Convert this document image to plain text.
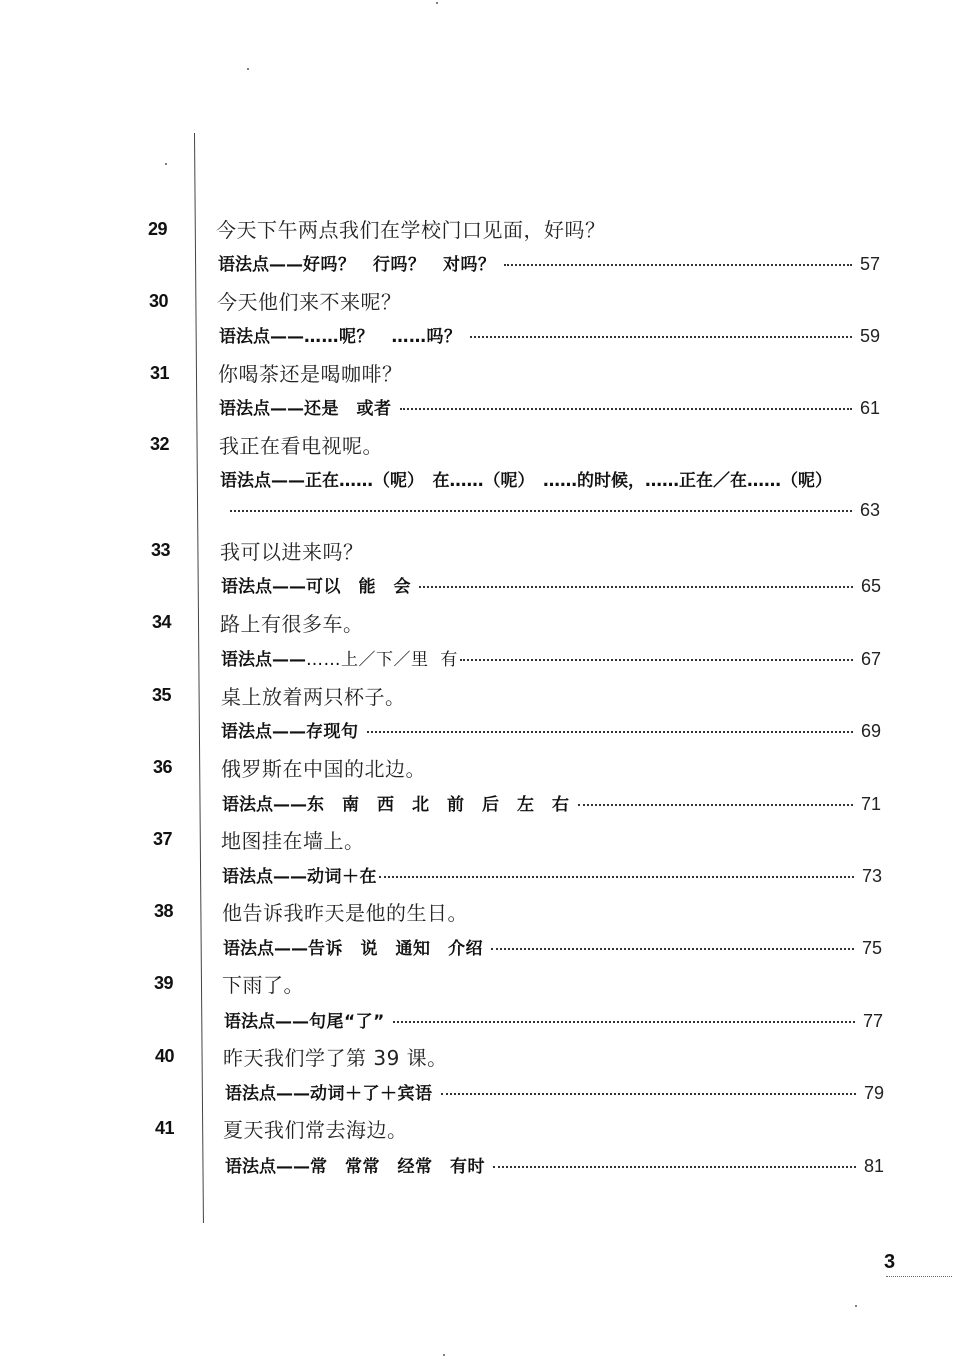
29 今天下午两点我们在学校门口见面，好吗？
语法点—— 好吗？　行吗？　对吗？	57
30 今天他们来不来呢？
语法点—— ……呢？　……吗？	59
31 你喝茶还是喝咖啡？
语法点—— 还是　或者	61
32 我正在看电视呢。
语法点—— 正在……（呢）　在……（呢）　……的时候，……正在／在……（呢）
63
33 我可以进来吗？
语法点—— 可以　能　会	65
34 路上有很多车。
语法点—— ……上／下／里 有	67
35 桌上放着两只杯子。
语法点—— 存现句	69
36 俄罗斯在中国的北边。
语法点—— 东　南　西　北　前　后　左　右	71
37 地图挂在墙上。
语法点—— 动词＋在	73
38 他告诉我昨天是他的生日。
语法点—— 告诉　说　通知　介绍	75
39 下雨了。
语法点—— 句尾“了”	77
40 昨天我们学了第 39 课。
语法点—— 动词＋了＋宾语	79
41 夏天我们常去海边。
语法点—— 常　常常　经常　有时	81
3
